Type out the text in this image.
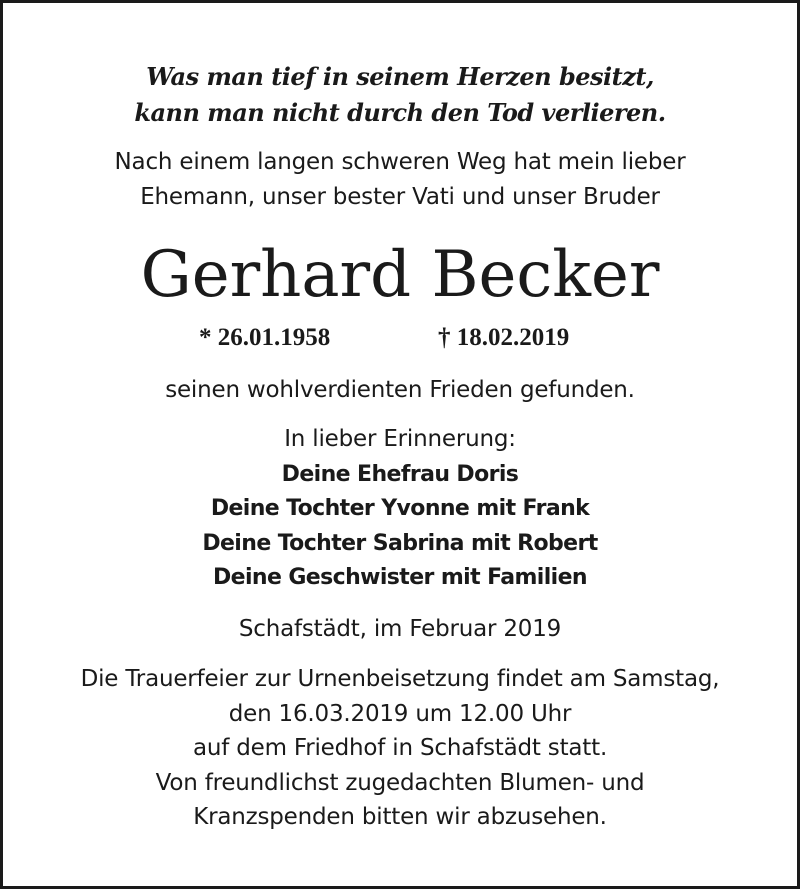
Was man tief in seinem Herzen besitzt,
kann man nicht durch den Tod verlieren.
Nach einem langen schweren Weg hat mein lieber
Ehemann, unser bester Vati und unser Bruder
Gerhard Becker
* 26.01.1958	† 18.02.2019
seinen wohlverdienten Frieden gefunden.
In lieber Erinnerung:
Deine Ehefrau Doris
Deine Tochter Yvonne mit Frank
Deine Tochter Sabrina mit Robert
Deine Geschwister mit Familien
Schafstädt, im Februar 2019
Die Trauerfeier zur Urnenbeisetzung findet am Samstag,
den 16.03.2019 um 12.00 Uhr
auf dem Friedhof in Schafstädt statt.
Von freundlichst zugedachten Blumen- und
Kranzspenden bitten wir abzusehen.
